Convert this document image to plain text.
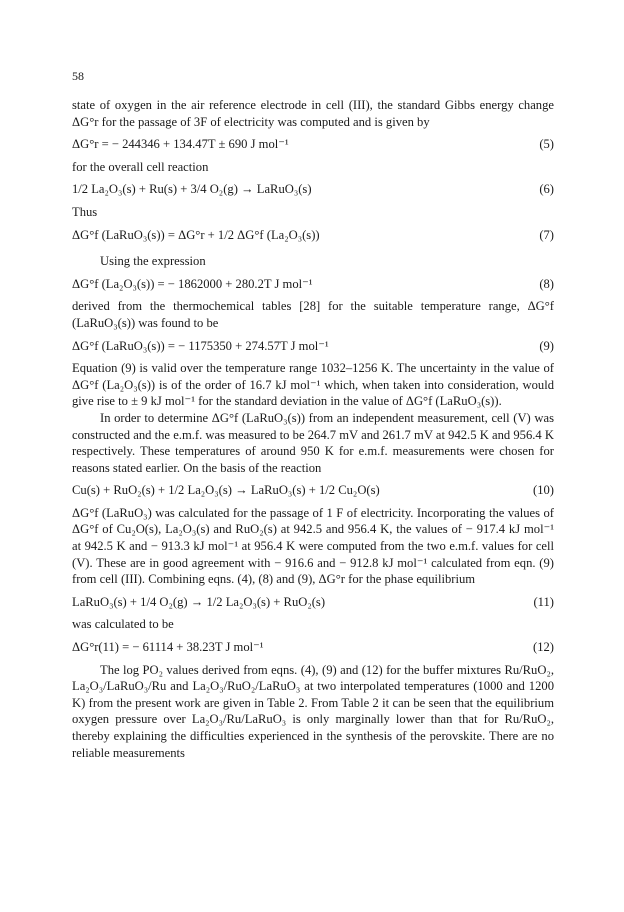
58

state of oxygen in the air reference electrode in cell (III), the standard Gibbs energy change ΔG°r for the passage of 3F of electricity was computed and is given by

ΔG°r = − 244346 + 134.47T ± 690 J mol⁻¹	(5)

for the overall cell reaction

1/2 La₂O₃(s) + Ru(s) + 3/4 O₂(g) → LaRuO₃(s)	(6)

Thus

ΔG°f (LaRuO₃(s)) = ΔG°r + 1/2 ΔG°f (La₂O₃(s))	(7)

Using the expression

ΔG°f (La₂O₃(s)) = − 1862000 + 280.2T J mol⁻¹	(8)

derived from the thermochemical tables [28] for the suitable temperature range, ΔG°f (LaRuO₃(s)) was found to be

ΔG°f (LaRuO₃(s)) = − 1175350 + 274.57T J mol⁻¹	(9)

Equation (9) is valid over the temperature range 1032–1256 K. The uncertainty in the value of ΔG°f (La₂O₃(s)) is of the order of 16.7 kJ mol⁻¹ which, when taken into consideration, would give rise to ± 9 kJ mol⁻¹ for the standard deviation in the value of ΔG°f (LaRuO₃(s)).

In order to determine ΔG°f (LaRuO₃(s)) from an independent measurement, cell (V) was constructed and the e.m.f. was measured to be 264.7 mV and 261.7 mV at 942.5 K and 956.4 K respectively. These temperatures of around 950 K for e.m.f. measurements were chosen for reasons stated earlier. On the basis of the reaction

Cu(s) + RuO₂(s) + 1/2 La₂O₃(s) → LaRuO₃(s) + 1/2 Cu₂O(s)	(10)

ΔG°f (LaRuO₃) was calculated for the passage of 1 F of electricity. Incorporating the values of ΔG°f of Cu₂O(s), La₂O₃(s) and RuO₂(s) at 942.5 and 956.4 K, the values of − 917.4 kJ mol⁻¹ at 942.5 K and − 913.3 kJ mol⁻¹ at 956.4 K were computed from the two e.m.f. values for cell (V). These are in good agreement with − 916.6 and − 912.8 kJ mol⁻¹ calculated from eqn. (9) from cell (III). Combining eqns. (4), (8) and (9), ΔG°r for the phase equilibrium

LaRuO₃(s) + 1/4 O₂(g) → 1/2 La₂O₃(s) + RuO₂(s)	(11)

was calculated to be

ΔG°r(11) = − 61114 + 38.23T J mol⁻¹	(12)

The log PO₂ values derived from eqns. (4), (9) and (12) for the buffer mixtures Ru/RuO₂, La₂O₃/LaRuO₃/Ru and La₂O₃/RuO₂/LaRuO₃ at two interpolated temperatures (1000 and 1200 K) from the present work are given in Table 2. From Table 2 it can be seen that the equilibrium oxygen pressure over La₂O₃/Ru/LaRuO₃ is only marginally lower than that for Ru/RuO₂, thereby explaining the difficulties experienced in the synthesis of the perovskite. There are no reliable measurements
